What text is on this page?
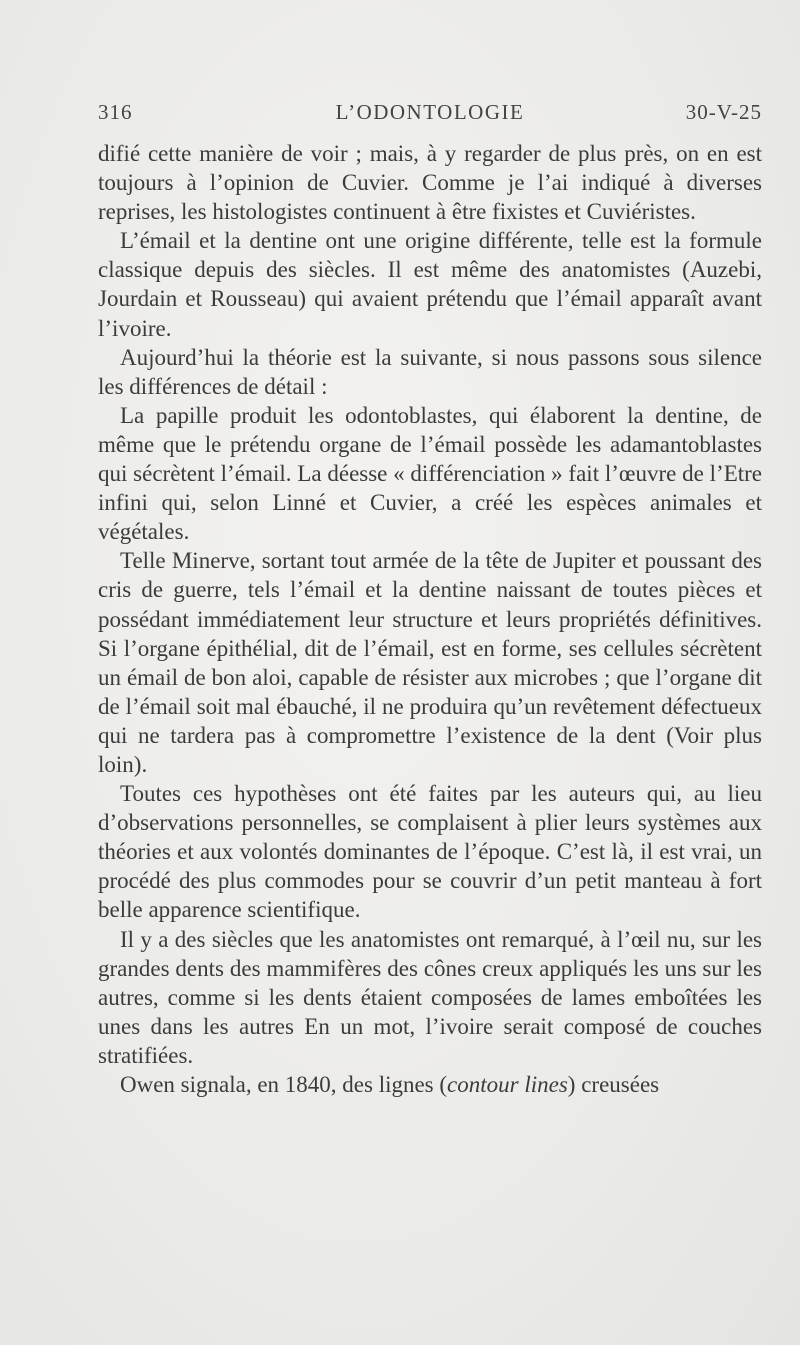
316	L’ODONTOLOGIE	30-V-25

difié cette manière de voir ; mais, à y regarder de plus près, on en est toujours à l’opinion de Cuvier. Comme je l’ai indiqué à diverses reprises, les histologistes continuent à être fixistes et Cuviéristes.

L’émail et la dentine ont une origine différente, telle est la formule classique depuis des siècles. Il est même des anatomistes (Auzebi, Jourdain et Rousseau) qui avaient prétendu que l’émail apparaît avant l’ivoire.

Aujourd’hui la théorie est la suivante, si nous passons sous silence les différences de détail :

La papille produit les odontoblastes, qui élaborent la dentine, de même que le prétendu organe de l’émail possède les adamantoblastes qui sécrètent l’émail. La déesse « différenciation » fait l’œuvre de l’Etre infini qui, selon Linné et Cuvier, a créé les espèces animales et végétales.

Telle Minerve, sortant tout armée de la tête de Jupiter et poussant des cris de guerre, tels l’émail et la dentine naissant de toutes pièces et possédant immédiatement leur structure et leurs propriétés définitives. Si l’organe épithélial, dit de l’émail, est en forme, ses cellules sécrètent un émail de bon aloi, capable de résister aux microbes ; que l’organe dit de l’émail soit mal ébauché, il ne produira qu’un revêtement défectueux qui ne tardera pas à compromettre l’existence de la dent (Voir plus loin).

Toutes ces hypothèses ont été faites par les auteurs qui, au lieu d’observations personnelles, se complaisent à plier leurs systèmes aux théories et aux volontés dominantes de l’époque. C’est là, il est vrai, un procédé des plus commodes pour se couvrir d’un petit manteau à fort belle apparence scientifique.

Il y a des siècles que les anatomistes ont remarqué, à l’œil nu, sur les grandes dents des mammifères des cônes creux appliqués les uns sur les autres, comme si les dents étaient composées de lames emboîtées les unes dans les autres En un mot, l’ivoire serait composé de couches stratifiées.

Owen signala, en 1840, des lignes (contour lines) creusées
